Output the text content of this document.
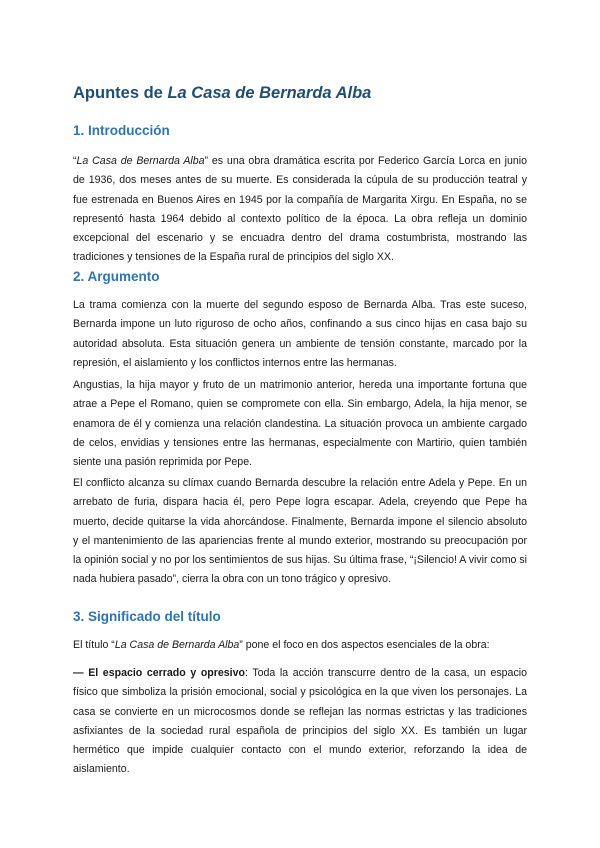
Apuntes de La Casa de Bernarda Alba
1. Introducción

“La Casa de Bernarda Alba” es una obra dramática escrita por Federico García Lorca en junio de 1936, dos meses antes de su muerte. Es considerada la cúpula de su producción teatral y fue estrenada en Buenos Aires en 1945 por la compañía de Margarita Xirgu. En España, no se representó hasta 1964 debido al contexto político de la época. La obra refleja un dominio excepcional del escenario y se encuadra dentro del drama costumbrista, mostrando las tradiciones y tensiones de la España rural de principios del siglo XX.

2. Argumento

La trama comienza con la muerte del segundo esposo de Bernarda Alba. Tras este suceso, Bernarda impone un luto riguroso de ocho años, confinando a sus cinco hijas en casa bajo su autoridad absoluta. Esta situación genera un ambiente de tensión constante, marcado por la represión, el aislamiento y los conflictos internos entre las hermanas.

Angustias, la hija mayor y fruto de un matrimonio anterior, hereda una importante fortuna que atrae a Pepe el Romano, quien se compromete con ella. Sin embargo, Adela, la hija menor, se enamora de él y comienza una relación clandestina. La situación provoca un ambiente cargado de celos, envidias y tensiones entre las hermanas, especialmente con Martirio, quien también siente una pasión reprimida por Pepe.

El conflicto alcanza su clímax cuando Bernarda descubre la relación entre Adela y Pepe. En un arrebato de furia, dispara hacia él, pero Pepe logra escapar. Adela, creyendo que Pepe ha muerto, decide quitarse la vida ahorcándose. Finalmente, Bernarda impone el silencio absoluto y el mantenimiento de las apariencias frente al mundo exterior, mostrando su preocupación por la opinión social y no por los sentimientos de sus hijas. Su última frase, “¡Silencio! A vivir como si nada hubiera pasado”, cierra la obra con un tono trágico y opresivo.

3. Significado del título

El título “La Casa de Bernarda Alba” pone el foco en dos aspectos esenciales de la obra:

— El espacio cerrado y opresivo: Toda la acción transcurre dentro de la casa, un espacio físico que simboliza la prisión emocional, social y psicológica en la que viven los personajes. La casa se convierte en un microcosmos donde se reflejan las normas estrictas y las tradiciones asfixiantes de la sociedad rural española de principios del siglo XX. Es también un lugar hermético que impide cualquier contacto con el mundo exterior, reforzando la idea de aislamiento.
